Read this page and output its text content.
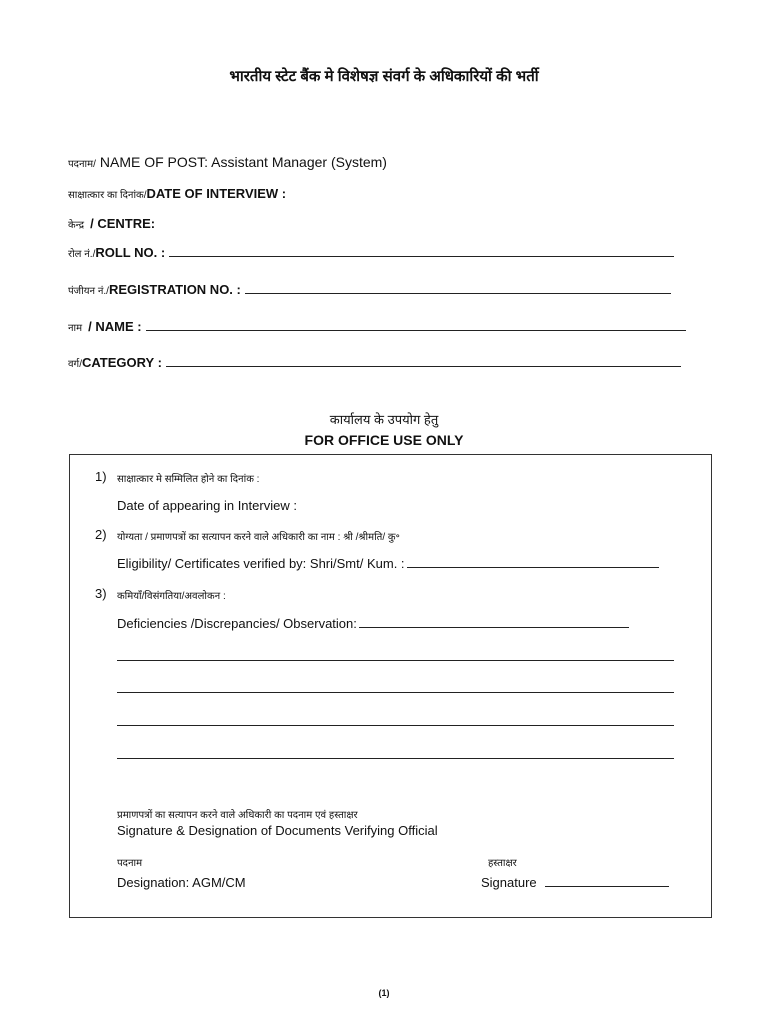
भारतीय स्टेट बैंक मे विशेषज्ञ संवर्ग के अधिकारियों की भर्ती
पदनाम/ NAME OF POST: Assistant Manager (System)
साक्षात्कार का दिनांक/ DATE OF INTERVIEW :
केन्द्र / CENTRE:
रोल नं./ ROLL NO. :
पंजीयन नं./ REGISTRATION NO. :
नाम / NAME :
वर्ग/ CATEGORY :
कार्यालय के उपयोग हेतु
FOR OFFICE USE ONLY
1) साक्षात्कार मे सम्मिलित होने का दिनांक :
Date of appearing in Interview :
2) योग्यता / प्रमाणपत्रों का सत्यापन करने वाले अधिकारी का नाम : श्री /श्रीमति/ कु॰
Eligibility/ Certificates verified by: Shri/Smt/ Kum. :
3) कमियाँ/विसंगतिया/अवलोकन :
Deficiencies /Discrepancies/ Observation:
प्रमाणपत्रों का सत्यापन करने वाले अधिकारी का पदनाम एवं हस्ताक्षर
Signature & Designation of Documents Verifying Official
पदनाम
Designation: AGM/CM
हस्ताक्षर
Signature
(1)
